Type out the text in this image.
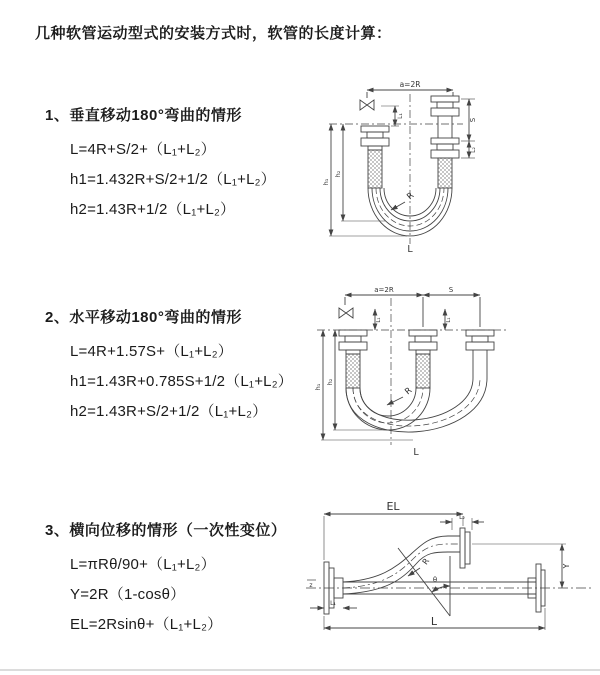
几种软管运动型式的安装方式时，软管的长度计算：
1、垂直移动180°弯曲的情形
L=4R+S/2+（L₁+L₂）
h1=1.432R+S/2+1/2（L₁+L₂）
h2=1.43R+1/2（L₁+L₂）
2、水平移动180°弯曲的情形
L=4R+1.57S+（L₁+L₂）
h1=1.43R+0.785S+1/2（L₁+L₂）
h2=1.43R+S/2+1/2（L₁+L₂）
3、横向位移的情形（一次性变位）
L=πRθ/90+（L₁+L₂）
Y=2R（1-cosθ）
EL=2Rsinθ+（L₁+L₂）
a=2R
L₁
S
L₂
h₁
h₂
R
L
a=2R	S
L₁	L₁
h₁
h₂
R
L
z
EL
L₂
Y
R
θ
L
L₁
